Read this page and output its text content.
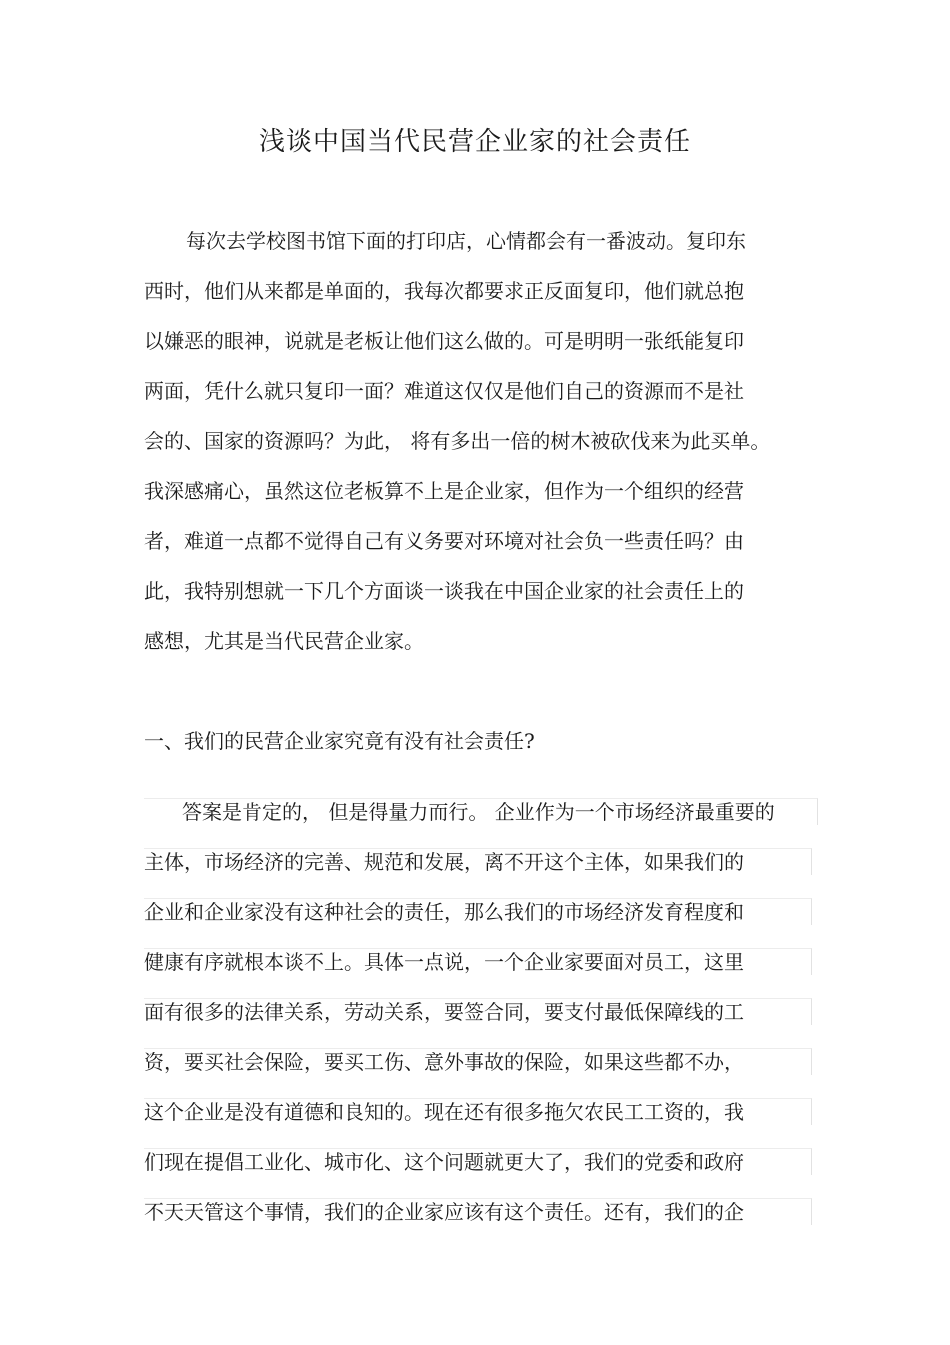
浅谈中国当代民营企业家的社会责任

每次去学校图书馆下面的打印店，心情都会有一番波动。复印东

西时，他们从来都是单面的，我每次都要求正反面复印，他们就总抱

以嫌恶的眼神，说就是老板让他们这么做的。可是明明一张纸能复印

两面，凭什么就只复印一面？难道这仅仅是他们自己的资源而不是社

会的、国家的资源吗？为此， 将有多出一倍的树木被砍伐来为此买单。

我深感痛心，虽然这位老板算不上是企业家，但作为一个组织的经营

者，难道一点都不觉得自己有义务要对环境对社会负一些责任吗？由

此，我特别想就一下几个方面谈一谈我在中国企业家的社会责任上的

感想，尤其是当代民营企业家。

一、我们的民营企业家究竟有没有社会责任?

答案是肯定的， 但是得量力而行。 企业作为一个市场经济最重要的

主体，市场经济的完善、规范和发展，离不开这个主体，如果我们的

企业和企业家没有这种社会的责任，那么我们的市场经济发育程度和

健康有序就根本谈不上。具体一点说，一个企业家要面对员工，这里

面有很多的法律关系，劳动关系，要签合同，要支付最低保障线的工

资，要买社会保险，要买工伤、意外事故的保险，如果这些都不办，

这个企业是没有道德和良知的。现在还有很多拖欠农民工工资的，我

们现在提倡工业化、城市化、这个问题就更大了，我们的党委和政府

不天天管这个事情，我们的企业家应该有这个责任。还有，我们的企
